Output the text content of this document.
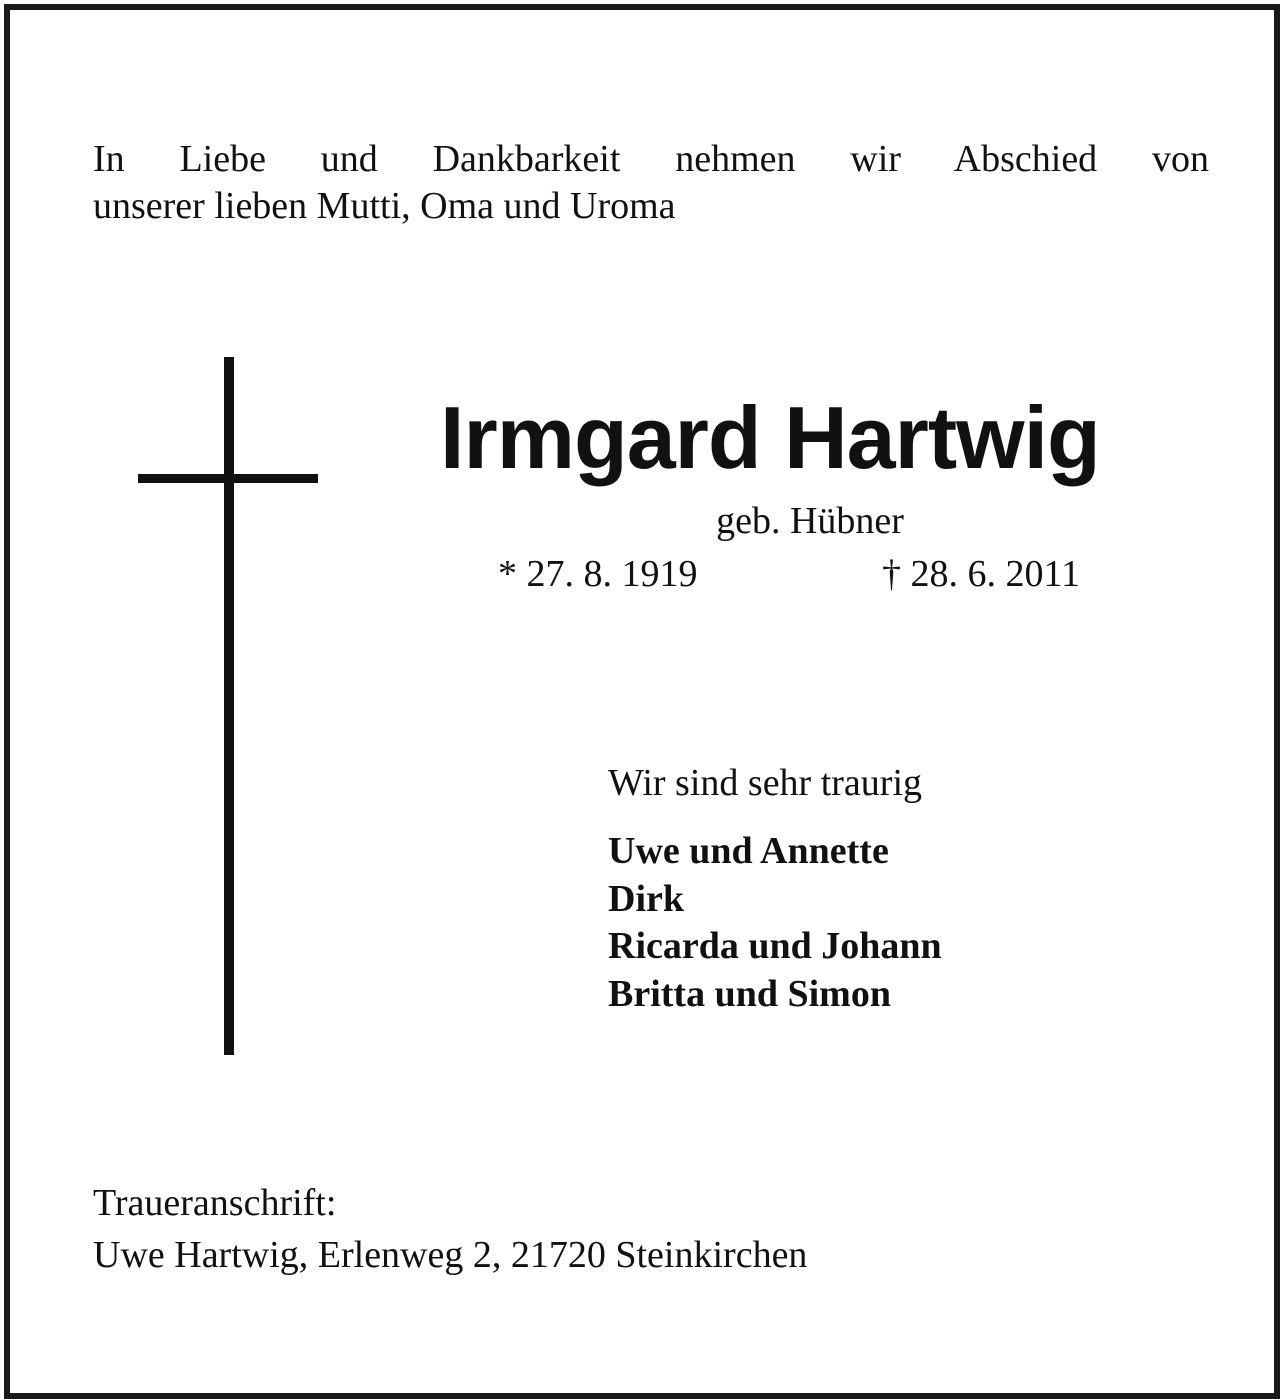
In Liebe und Dankbarkeit nehmen wir Abschied von
unserer lieben Mutti, Oma und Uroma

Irmgard Hartwig
geb. Hübner
* 27. 8. 1919	† 28. 6. 2011
Wir sind sehr traurig
Uwe und Annette
Dirk
Ricarda und Johann
Britta und Simon
Traueranschrift:
Uwe Hartwig, Erlenweg 2, 21720 Steinkirchen
